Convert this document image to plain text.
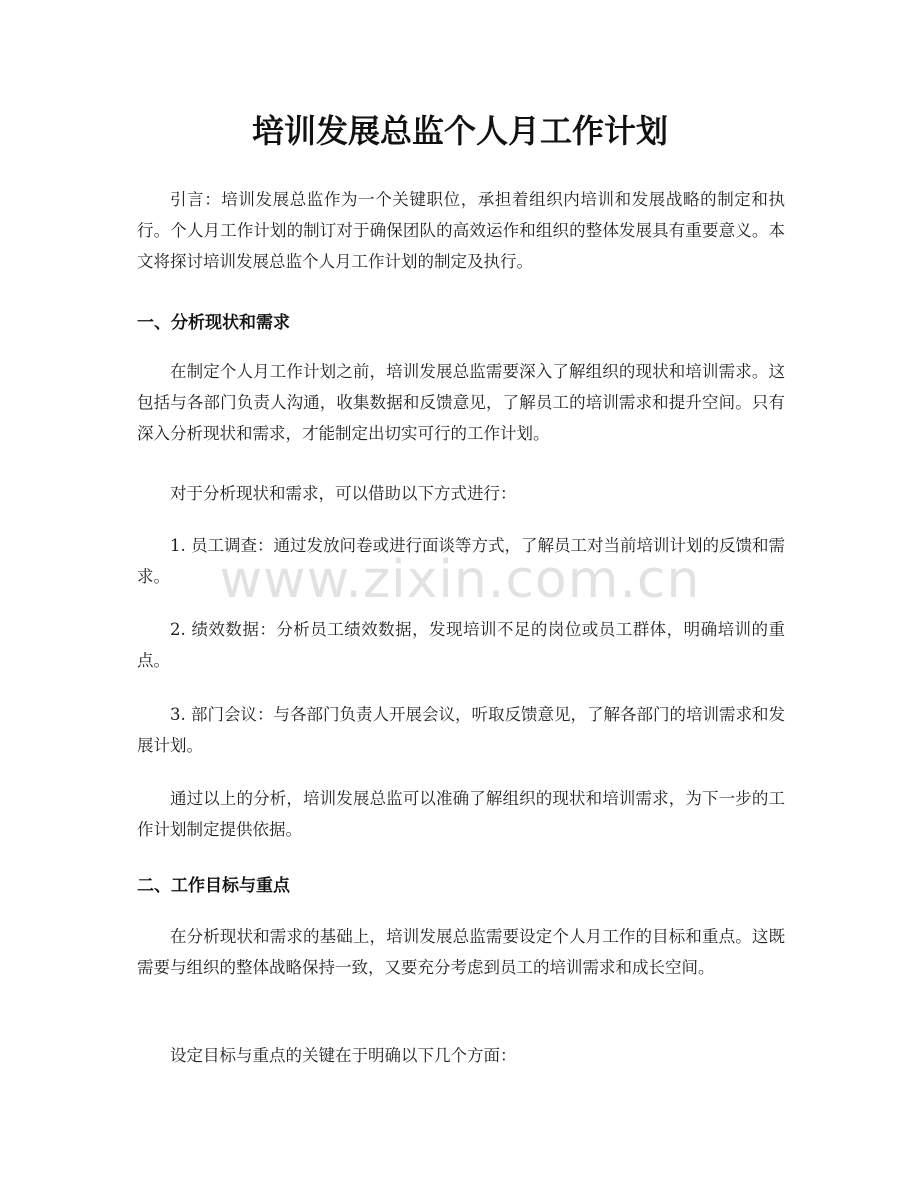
培训发展总监个人月工作计划

引言：培训发展总监作为一个关键职位，承担着组织内培训和发展战略的制定和执行。个人月工作计划的制订对于确保团队的高效运作和组织的整体发展具有重要意义。本文将探讨培训发展总监个人月工作计划的制定及执行。

一、分析现状和需求

在制定个人月工作计划之前，培训发展总监需要深入了解组织的现状和培训需求。这包括与各部门负责人沟通，收集数据和反馈意见，了解员工的培训需求和提升空间。只有深入分析现状和需求，才能制定出切实可行的工作计划。

对于分析现状和需求，可以借助以下方式进行：

1. 员工调查：通过发放问卷或进行面谈等方式，了解员工对当前培训计划的反馈和需求。

2. 绩效数据：分析员工绩效数据，发现培训不足的岗位或员工群体，明确培训的重点。

3. 部门会议：与各部门负责人开展会议，听取反馈意见，了解各部门的培训需求和发展计划。

通过以上的分析，培训发展总监可以准确了解组织的现状和培训需求，为下一步的工作计划制定提供依据。

二、工作目标与重点

在分析现状和需求的基础上，培训发展总监需要设定个人月工作的目标和重点。这既需要与组织的整体战略保持一致，又要充分考虑到员工的培训需求和成长空间。

设定目标与重点的关键在于明确以下几个方面：

www.zixin.com.cn
